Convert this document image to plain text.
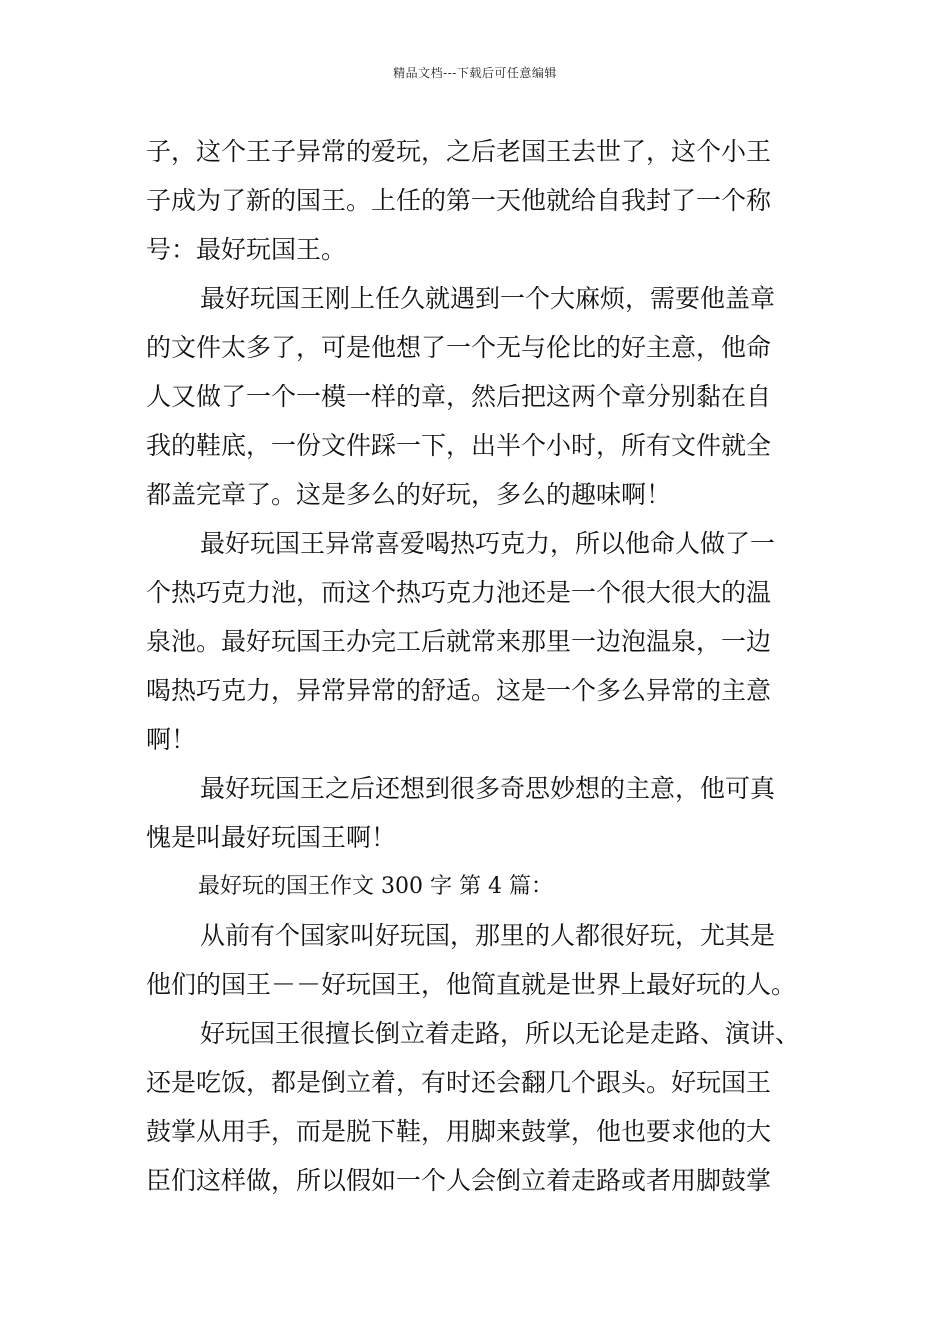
精品文档---下载后可任意编辑
子，这个王子异常的爱玩，之后老国王去世了，这个小王
子成为了新的国王。上任的第一天他就给自我封了一个称
号：最好玩国王。
最好玩国王刚上任久就遇到一个大麻烦，需要他盖章
的文件太多了，可是他想了一个无与伦比的好主意，他命
人又做了一个一模一样的章，然后把这两个章分别黏在自
我的鞋底，一份文件踩一下，出半个小时，所有文件就全
都盖完章了。这是多么的好玩，多么的趣味啊！
最好玩国王异常喜爱喝热巧克力，所以他命人做了一
个热巧克力池，而这个热巧克力池还是一个很大很大的温
泉池。最好玩国王办完工后就常来那里一边泡温泉，一边
喝热巧克力，异常异常的舒适。这是一个多么异常的主意
啊！
最好玩国王之后还想到很多奇思妙想的主意，他可真
愧是叫最好玩国王啊！
最好玩的国王作文 300 字 第 4 篇：
从前有个国家叫好玩国，那里的人都很好玩，尤其是
他们的国王－－好玩国王，他简直就是世界上最好玩的人。
好玩国王很擅长倒立着走路，所以无论是走路、演讲、
还是吃饭，都是倒立着，有时还会翻几个跟头。好玩国王
鼓掌从用手，而是脱下鞋，用脚来鼓掌，他也要求他的大
臣们这样做，所以假如一个人会倒立着走路或者用脚鼓掌
